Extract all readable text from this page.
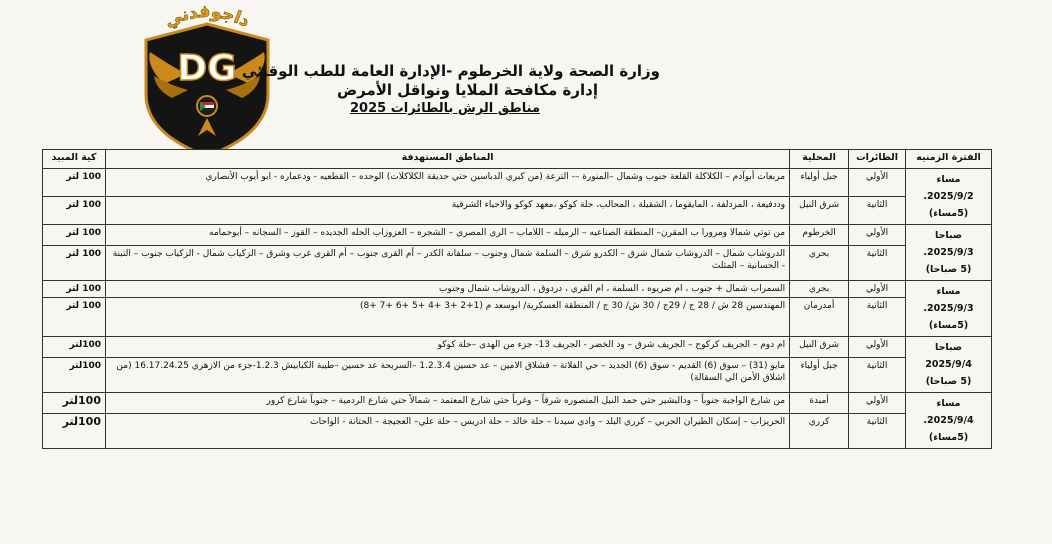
داجوفدني
DG وزارة الصحة ولاية الخرطوم -الإدارة العامة للطب الوقائي
إدارة مكافحة الملايا ونواقل الأمرض
مناطق الرش بالطائرات 2025
الفترة الزمنيه	الطائرات	المحلية	المناطق المستهدفة	كية المبيد

مساء
2025/9/2.
(5مساء)	الأولي	جبل أولياء	مربعات أبوآدم – الكلاكلة القلعة جنوب وشمال –المنورة –- الترعة (من كبري الدباسين حتي حديقة الكلاكلات) الوحده – القطعيه - ودعماره - ابو أيوب الأنصاري	100 لتر
	الثانية	شرق النيل	وددفيعة ، المزدلفة ، المايقوما ، الشقيلة ، المحالب، حلة كوكو ،معهد كوكو والاحياء الشرقية	100 لتر

صباحا
2025/9/3.
(5 صباحا)	الأولي	الخرطوم	من توتي شمالا ومرورا ب المقرن– المنطقة الصناعيه – الرميله – اللاماب – الري المصري – الشجره – العزوزاب الحله الجديده – القوز – السجانه – أبوحمامه	100 لتر
	الثانية	بحري	الدروشاب شمال – الدروشاب شمال شرق – الكدرو شرق – السلمة شمال وجنوب – سلفانة الكدر – أم القرى جنوب – أم القرى غرب وشرق – الزكياب شمال - الزكياب جنوب – التبنة - الحسانية – المثلث	100 لتر

مساء
2025/9/3.
(5مساء)	الأولي	بحري	السمراب شمال + جنوب ، ام ضريوه ، السلمة ، ام القري ، دردوق ، الدروشاب شمال وجنوب	100 لتر
	الثانية	أمدرمان	المهندسين 28 ش / 28 ج / 29ج / 30 ش/ 30 ج / المنطقة العسكرية/ ابوسعد م (1+2 +3 +4 +5 +6 +7 +8)	100 لتر

صباحا
2025/9/4
(5 صباحا)	الأولي	شرق النيل	ام دوم – الجريف كركوج – الجريف شرق – ود الخضر - الجريف 13- جزء من الهدى –حلة كوكو	100لتر
	الثانية	جبل أولياء	مايو (31) – سوق (6) القديم - سوق (6) الجديد – حي الفلاتة – قشلاق الامين – عد حسين 1.2.3.4 –السريحة عد حسين –طيبة الكبابيش 1.2.3-جزء من الازهري 16.17.24.25 (من اشلاق الأمن الي السقالة)	100لتر

مساء
2025/9/4.
(5مساء)	الأولي	أمبدة	من شارع الواجبة جنوباً – ودالبشير حتي حمد النيل المنصوره شرقاً – وغرباً حتي شارع المعتمد – شمالاً حتي شارع الردمية – جنوباً شارع كرور	100لتر
	الثانية	كرري	الحريزاب – إسكان الطيران الحربي – كرري البلد – وادي سيدنا – حلة خالد – حلة ادريس – حلة علي– العجيجة – الحتانة - الواحات	100لتر
